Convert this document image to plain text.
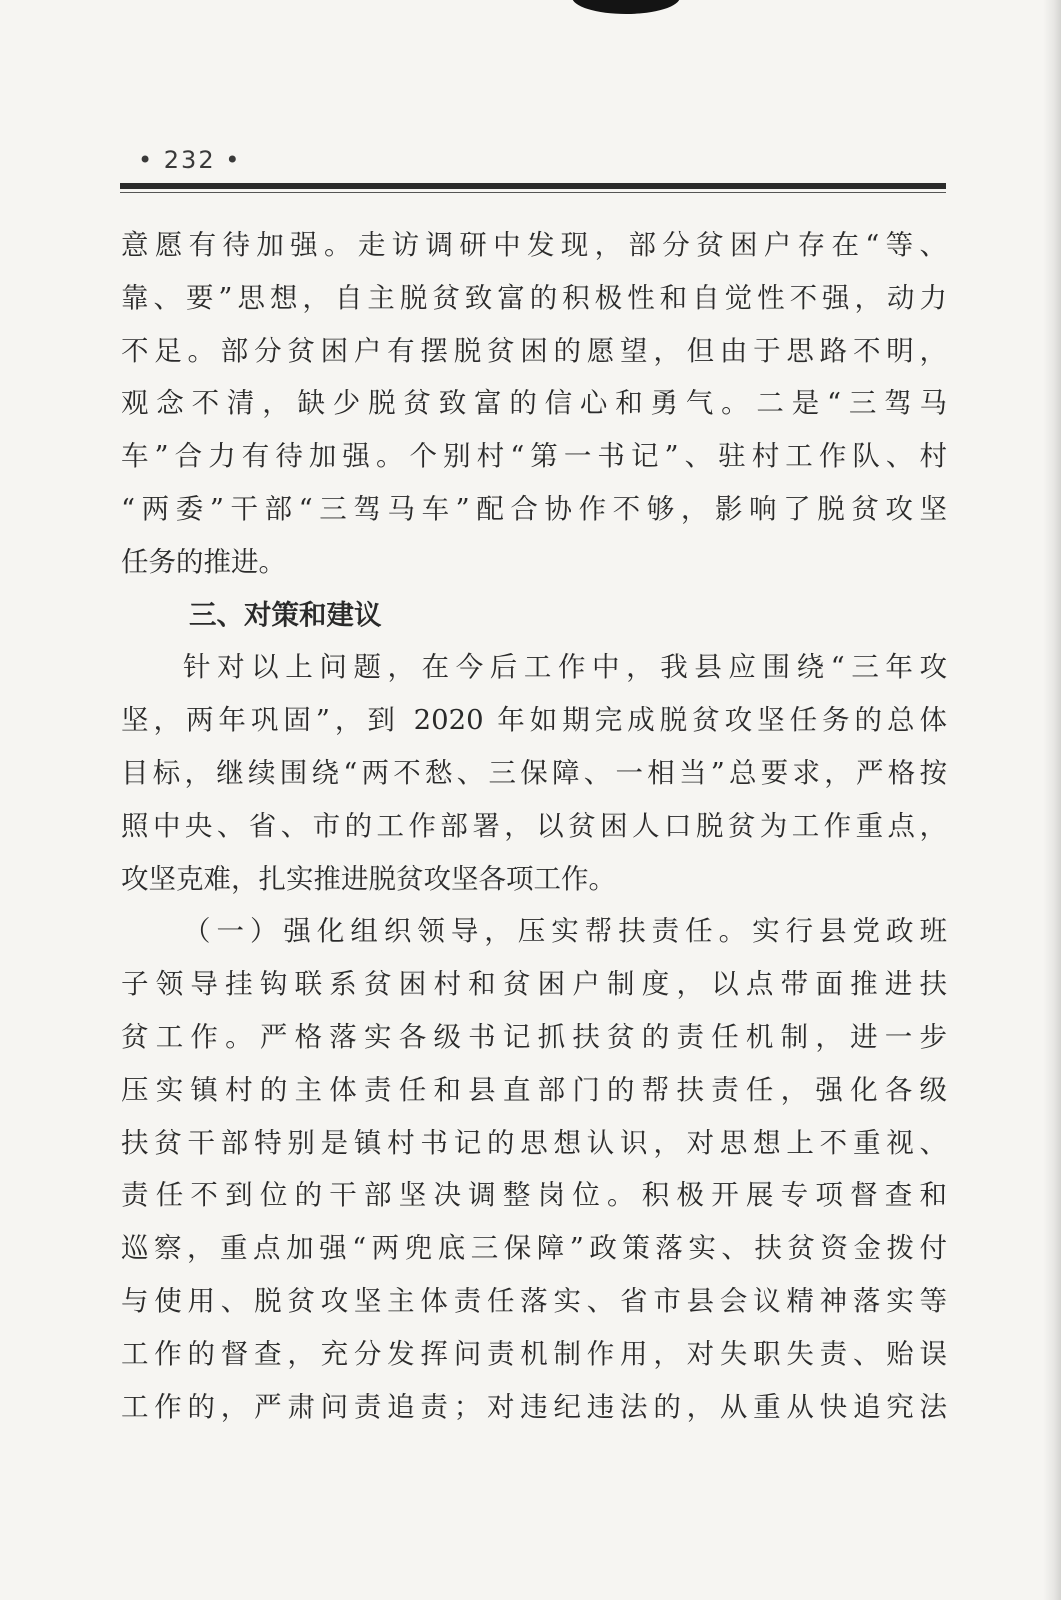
• 232 •
意愿有待加强。走访调研中发现，部分贫困户存在“等、
靠、要”思想，自主脱贫致富的积极性和自觉性不强，动力
不足。部分贫困户有摆脱贫困的愿望，但由于思路不明，
观念不清，缺少脱贫致富的信心和勇气。二是“三驾马
车”合力有待加强。个别村“第一书记”、驻村工作队、村
“两委”干部“三驾马车”配合协作不够，影响了脱贫攻坚
任务的推进。
三、对策和建议
针对以上问题，在今后工作中，我县应围绕“三年攻
坚，两年巩固”，到 2020 年如期完成脱贫攻坚任务的总体
目标，继续围绕“两不愁、三保障、一相当”总要求，严格按
照中央、省、市的工作部署，以贫困人口脱贫为工作重点，
攻坚克难，扎实推进脱贫攻坚各项工作。
（一）强化组织领导，压实帮扶责任。实行县党政班
子领导挂钩联系贫困村和贫困户制度，以点带面推进扶
贫工作。严格落实各级书记抓扶贫的责任机制，进一步
压实镇村的主体责任和县直部门的帮扶责任，强化各级
扶贫干部特别是镇村书记的思想认识，对思想上不重视、
责任不到位的干部坚决调整岗位。积极开展专项督查和
巡察，重点加强“两兜底三保障”政策落实、扶贫资金拨付
与使用、脱贫攻坚主体责任落实、省市县会议精神落实等
工作的督查，充分发挥问责机制作用，对失职失责、贻误
工作的，严肃问责追责；对违纪违法的，从重从快追究法
